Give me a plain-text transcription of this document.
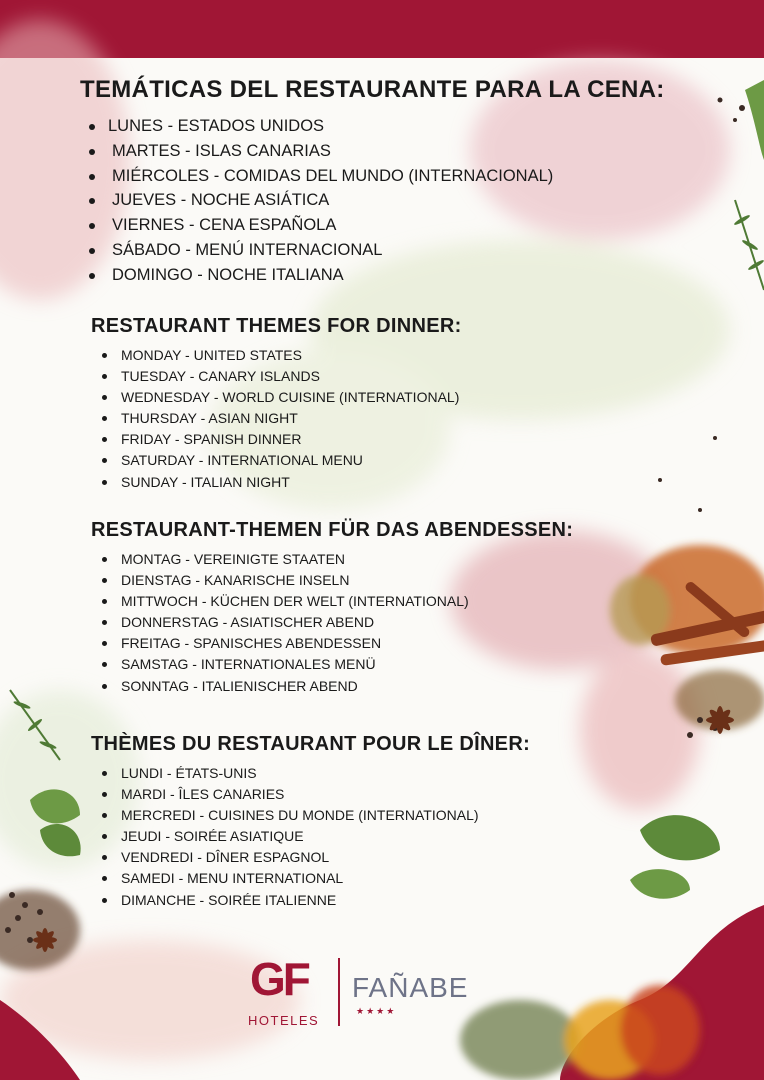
TEMÁTICAS DEL RESTAURANTE PARA LA CENA:
LUNES - ESTADOS UNIDOS
MARTES - ISLAS CANARIAS
MIÉRCOLES - COMIDAS DEL MUNDO (INTERNACIONAL)
JUEVES - NOCHE ASIÁTICA
VIERNES - CENA ESPAÑOLA
SÁBADO - MENÚ INTERNACIONAL
DOMINGO - NOCHE ITALIANA
RESTAURANT THEMES FOR DINNER:
MONDAY - UNITED STATES
TUESDAY - CANARY ISLANDS
WEDNESDAY - WORLD CUISINE (INTERNATIONAL)
THURSDAY - ASIAN NIGHT
FRIDAY - SPANISH DINNER
SATURDAY - INTERNATIONAL MENU
SUNDAY - ITALIAN NIGHT
RESTAURANT-THEMEN FÜR DAS ABENDESSEN:
MONTAG - VEREINIGTE STAATEN
DIENSTAG - KANARISCHE INSELN
MITTWOCH - KÜCHEN DER WELT (INTERNATIONAL)
DONNERSTAG - ASIATISCHER ABEND
FREITAG - SPANISCHES ABENDESSEN
SAMSTAG - INTERNATIONALES MENÜ
SONNTAG - ITALIENISCHER ABEND
THÈMES DU RESTAURANT POUR LE DÎNER:
LUNDI - ÉTATS-UNIS
MARDI - ÎLES CANARIES
MERCREDI - CUISINES DU MONDE (INTERNATIONAL)
JEUDI - SOIRÉE ASIATIQUE
VENDREDI - DÎNER ESPAGNOL
SAMEDI - MENU INTERNATIONAL
DIMANCHE - SOIRÉE ITALIENNE
GF
HOTELES
FAÑABE
★★★★
